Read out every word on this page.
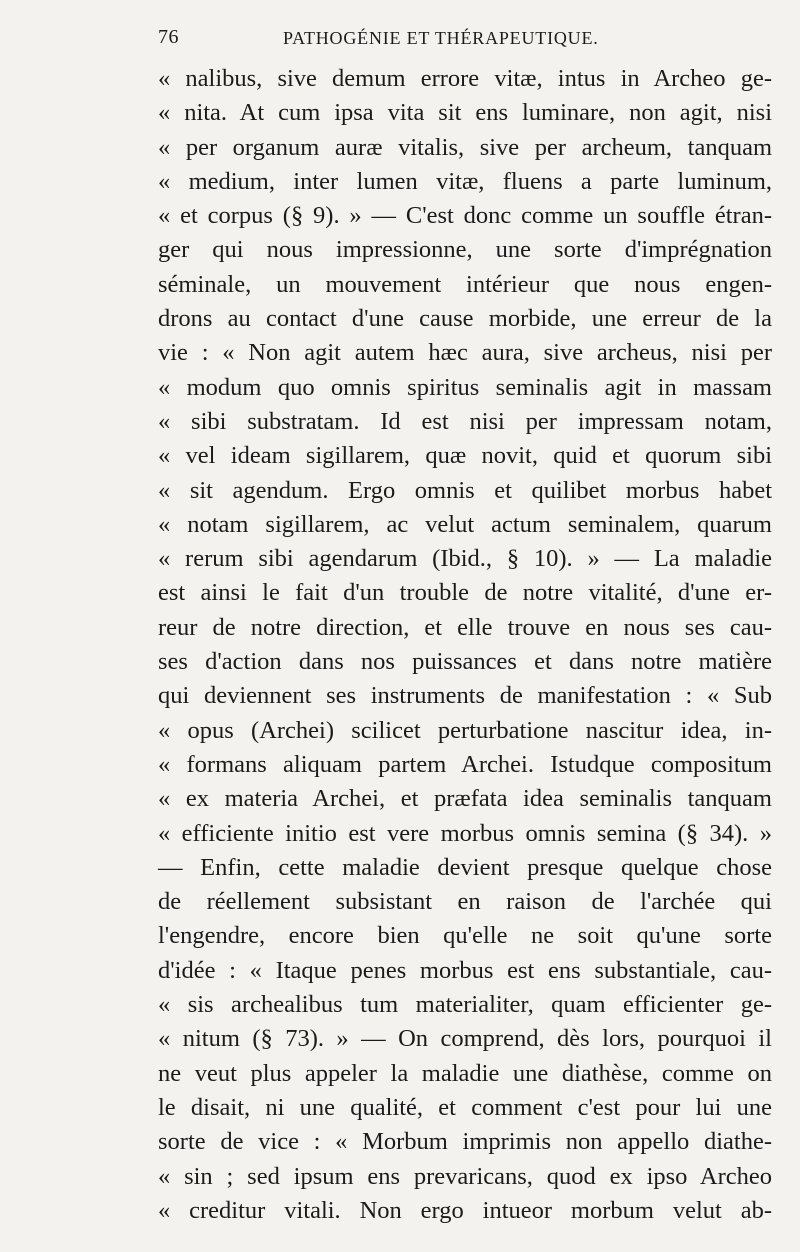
76	PATHOGÉNIE ET THÉRAPEUTIQUE.
« nalibus, sive demum errore vitæ, intus in Archeo ge-
« nita. At cum ipsa vita sit ens luminare, non agit, nisi
« per organum auræ vitalis, sive per archeum, tanquam
« medium, inter lumen vitæ, fluens a parte luminum,
« et corpus (§ 9). » — C'est donc comme un souffle étran-
ger qui nous impressionne, une sorte d'imprégnation
séminale, un mouvement intérieur que nous engen-
drons au contact d'une cause morbide, une erreur de la
vie : « Non agit autem hæc aura, sive archeus, nisi per
« modum quo omnis spiritus seminalis agit in massam
« sibi substratam. Id est nisi per impressam notam,
« vel ideam sigillarem, quæ novit, quid et quorum sibi
« sit agendum. Ergo omnis et quilibet morbus habet
« notam sigillarem, ac velut actum seminalem, quarum
« rerum sibi agendarum (Ibid., § 10). » — La maladie
est ainsi le fait d'un trouble de notre vitalité, d'une er-
reur de notre direction, et elle trouve en nous ses cau-
ses d'action dans nos puissances et dans notre matière
qui deviennent ses instruments de manifestation : « Sub
« opus (Archei) scilicet perturbatione nascitur idea, in-
« formans aliquam partem Archei. Istudque compositum
« ex materia Archei, et præfata idea seminalis tanquam
« efficiente initio est vere morbus omnis semina (§ 34). »
— Enfin, cette maladie devient presque quelque chose
de réellement subsistant en raison de l'archée qui
l'engendre, encore bien qu'elle ne soit qu'une sorte
d'idée : « Itaque penes morbus est ens substantiale, cau-
« sis archealibus tum materialiter, quam efficienter ge-
« nitum (§ 73). » — On comprend, dès lors, pourquoi il
ne veut plus appeler la maladie une diathèse, comme on
le disait, ni une qualité, et comment c'est pour lui une
sorte de vice : « Morbum imprimis non appello diathe-
« sin ; sed ipsum ens prevaricans, quod ex ipso Archeo
« creditur vitali. Non ergo intueor morbum velut ab-
